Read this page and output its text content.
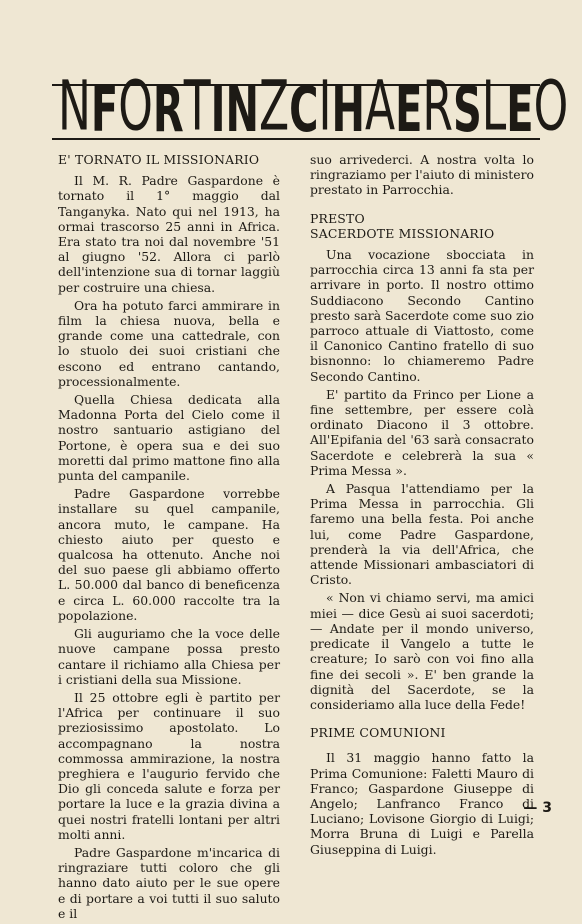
N F O R T I N Z C I H A E R S L E O
E' TORNATO IL MISSIONARIO

Il M. R. Padre Gaspardone è tornato il 1° maggio dal Tanganyka. Nato qui nel 1913, ha ormai trascorso 25 anni in Africa. Era stato tra noi dal novembre '51 al giugno '52. Allora ci parlò dell'intenzione sua di tornar laggiù per costruire una chiesa.

Ora ha potuto farci ammirare in film la chiesa nuova, bella e grande come una cattedrale, con lo stuolo dei suoi cristiani che escono ed entrano cantando, processionalmente.

Quella Chiesa dedicata alla Madonna Porta del Cielo come il nostro santuario astigiano del Portone, è opera sua e dei suo moretti dal primo mattone fino alla punta del campanile.

Padre Gaspardone vorrebbe installare su quel campanile, ancora muto, le campane. Ha chiesto aiuto per questo e qualcosa ha ottenuto. Anche noi del suo paese gli abbiamo offerto L. 50.000 dal banco di beneficenza e circa L. 60.000 raccolte tra la popolazione.

Gli auguriamo che la voce delle nuove campane possa presto cantare il richiamo alla Chiesa per i cristiani della sua Missione.

Il 25 ottobre egli è partito per l'Africa per continuare il suo preziosissimo apostolato. Lo accompagnano la nostra commossa ammirazione, la nostra preghiera e l'augurio fervido che Dio gli conceda salute e forza per portare la luce e la grazia divina a quei nostri fratelli lontani per altri molti anni.

Padre Gaspardone m'incarica di ringraziare tutti coloro che gli hanno dato aiuto per le sue opere e di portare a voi tutti il suo saluto e il

suo arrivederci. A nostra volta lo ringraziamo per l'aiuto di ministero prestato in Parrocchia.

PRESTO
SACERDOTE MISSIONARIO

Una vocazione sbocciata in parrocchia circa 13 anni fa sta per arrivare in porto. Il nostro ottimo Suddiacono Secondo Cantino presto sarà Sacerdote come suo zio parroco attuale di Viattosto, come il Canonico Cantino fratello di suo bisnonno: lo chiameremo Padre Secondo Cantino.

E' partito da Frinco per Lione a fine settembre, per essere colà ordinato Diacono il 3 ottobre. All'Epifania del '63 sarà consacrato Sacerdote e celebrerà la sua « Prima Messa ».

A Pasqua l'attendiamo per la Prima Messa in parrocchia. Gli faremo una bella festa. Poi anche lui, come Padre Gaspardone, prenderà la via dell'Africa, che attende Missionari ambasciatori di Cristo.

« Non vi chiamo servi, ma amici miei — dice Gesù ai suoi sacerdoti; — Andate per il mondo universo, predicate il Vangelo a tutte le creature; Io sarò con voi fino alla fine dei secoli ». E' ben grande la dignità del Sacerdote, se la consideriamo alla luce della Fede!

PRIME COMUNIONI

Il 31 maggio hanno fatto la Prima Comunione: Faletti Mauro di Franco; Gaspardone Giuseppe di Angelo; Lanfranco Franco di Luciano; Lovisone Giorgio di Luigi; Morra Bruna di Luigi e Parella Giuseppina di Luigi.

— 3
